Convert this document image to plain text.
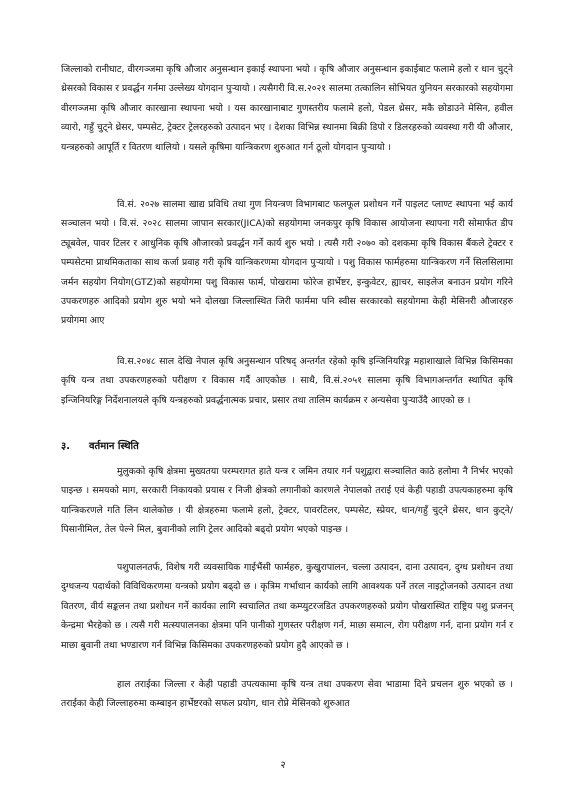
जिल्लाको रानीघाट, वीरगञ्जमा कृषि औजार अनुसन्धान इकाई स्थापना भयो । कृषि औजार अनुसन्धान इकाईबाट फलामे हलो र धान चुट्ने थ्रेसरको विकास र प्रवर्द्धन गर्नमा उल्लेख्य योगदान पुऱ्यायो । त्यसैगरी वि.स.२०२१ सालमा तत्कालिन सोभियत युनियन सरकारको सहयोगमा वीरगञ्जमा कृषि औजार कारखाना स्थापना भयो । यस कारखानाबाट गुणस्तरीय फलामे हलो, पेडल थ्रेसर, मकै छोडाउने मेसिन, हवील व्यारो, गहुँ चुट्ने थ्रेसर, पम्पसेट, ट्रेक्टर ट्रेलरहरुको उत्पादन भए । देशका विभिन्न स्थानमा बिक्री डिपो र डिलरहरुको व्यवस्था गरी यी औजार, यन्त्रहरुको आपूर्ति र वितरण थालियो । यसले कृषिमा यान्त्रिकरण शुरुआत गर्न ठूलो योगदान पुऱ्यायो ।

वि.सं. २०२७ सालमा खाद्य प्रविधि तथा गुण नियन्त्रण विभागबाट फलफूल प्रशोधन गर्ने पाइलट प्लाण्ट स्थापना भई कार्य सञ्चालन भयो । वि.सं. २०२८ सालमा जापान सरकार(JICA)को सहयोगमा जनकपुर कृषि विकास आयोजना स्थापना गरी सोमार्फत डीप ट्यूबवेल, पावर टिलर र आधुनिक कृषि औजारको प्रवर्द्धन गर्ने कार्य शुरु भयो । त्यसै गरी २०७० को दशकमा कृषि विकास बैंकले ट्रेक्टर र पम्पसेटमा प्राथमिकताका साथ कर्जा प्रवाह गरी कृषि यान्त्रिकरणमा योगदान पुऱ्यायो । पशु विकास फार्महरुमा यान्त्रिकरण गर्ने सिलसिलामा जर्मन सहयोग नियोग(GTZ)को सहयोगमा पशु विकास फार्म, पोखरामा फोरेज हार्भेष्टर, इन्कुवेटर, ह्याचर, साइलेज बनाउन प्रयोग गरिने उपकरणहरु आदिको प्रयोग शुरु भयो भने दोलखा जिल्लास्थित जिरी फार्ममा पनि स्वीस सरकारको सहयोगमा केही मेसिनरी औजारहरु प्रयोगमा आए

वि.स.२०४८ साल देखि नेपाल कृषि अनुसन्धान परिषद् अन्तर्गत रहेको कृषि इन्जिनियरिङ्ग महाशाखाले विभिन्न किसिमका कृषि यन्त्र तथा उपकरणहरुको परीक्षण र विकास गर्दै आएकोछ । साथै, वि.सं.२०५१ सालमा कृषि विभागअन्तर्गत स्थापित कृषि इन्जिनियरिङ्ग निर्देशनालयले कृषि यन्त्रहरुको प्रवर्द्धनात्मक प्रचार, प्रसार तथा तालिम कार्यक्रम र अन्यसेवा पुऱ्याउँदै आएको छ ।

३. वर्तमान स्थिति

मुलुकको कृषि क्षेत्रमा मुख्यतया परम्परागत हाते यन्त्र र जमिन तयार गर्न पशुद्वारा सञ्चालित काठे हलोमा नै निर्भर भएको पाइन्छ । समयको माग, सरकारी निकायको प्रयास र निजी क्षेत्रको लगानीको कारणले नेपालको तराई एवं केही पहाडी उपत्यकाहरुमा कृषि यान्त्रिकरणले गति लिन थालेकोछ । यी क्षेत्रहरुमा फलामे हलो, ट्रेक्टर, पावरटिलर, पम्पसेट, स्प्रेयर, धान/गहुँ चुट्ने थ्रेसर, धान कुट्ने/पिसानीमिल, तेल पेल्ने मिल, बुवानीको लागि ट्रेलर आदिको बढ्दो प्रयोग भएको पाइन्छ ।

पशुपालनतर्फ, विशेष गरी व्यवसायिक गाईभैंसी फार्महरु, कुखुरापालन, चल्ला उत्पादन, दाना उत्पादन, दुग्ध प्रशोधन तथा दुग्धजन्य पदार्थको विविधिकरणमा यन्त्रको प्रयोग बढ्दो छ । कृत्रिम गर्भाधान कार्यको लागि आवश्यक पर्ने तरल नाइट्रोजनको उत्पादन तथा वितरण, वीर्य सङ्कलन तथा प्रशोधन गर्ने कार्यका लागि स्वचालित तथा कम्प्युटरजडित उपकरणहरुको प्रयोग पोखरास्थित राष्ट्रिय पशु प्रजनन् केन्द्रमा भैरहेको छ । त्यसै गरी मत्स्यपालनका क्षेत्रमा पनि पानीको गुणस्तर परीक्षण गर्न, माछा समात्न, रोग परीक्षण गर्न, दाना प्रयोग गर्न र माछा बुवानी तथा भण्डारण गर्न विभिन्न किसिमका उपकरणहरुको प्रयोग हुदै आएको छ ।

हाल तराईका जिल्ला र केही पहाडी उपत्यकामा कृषि यन्त्र तथा उपकरण सेवा भाडामा दिने प्रचलन शुरु भएको छ । तराईका केही जिल्लाहरुमा कम्बाइन हार्भेष्टरको सफल प्रयोग, धान रोप्ने मेसिनको शुरुआत

२
